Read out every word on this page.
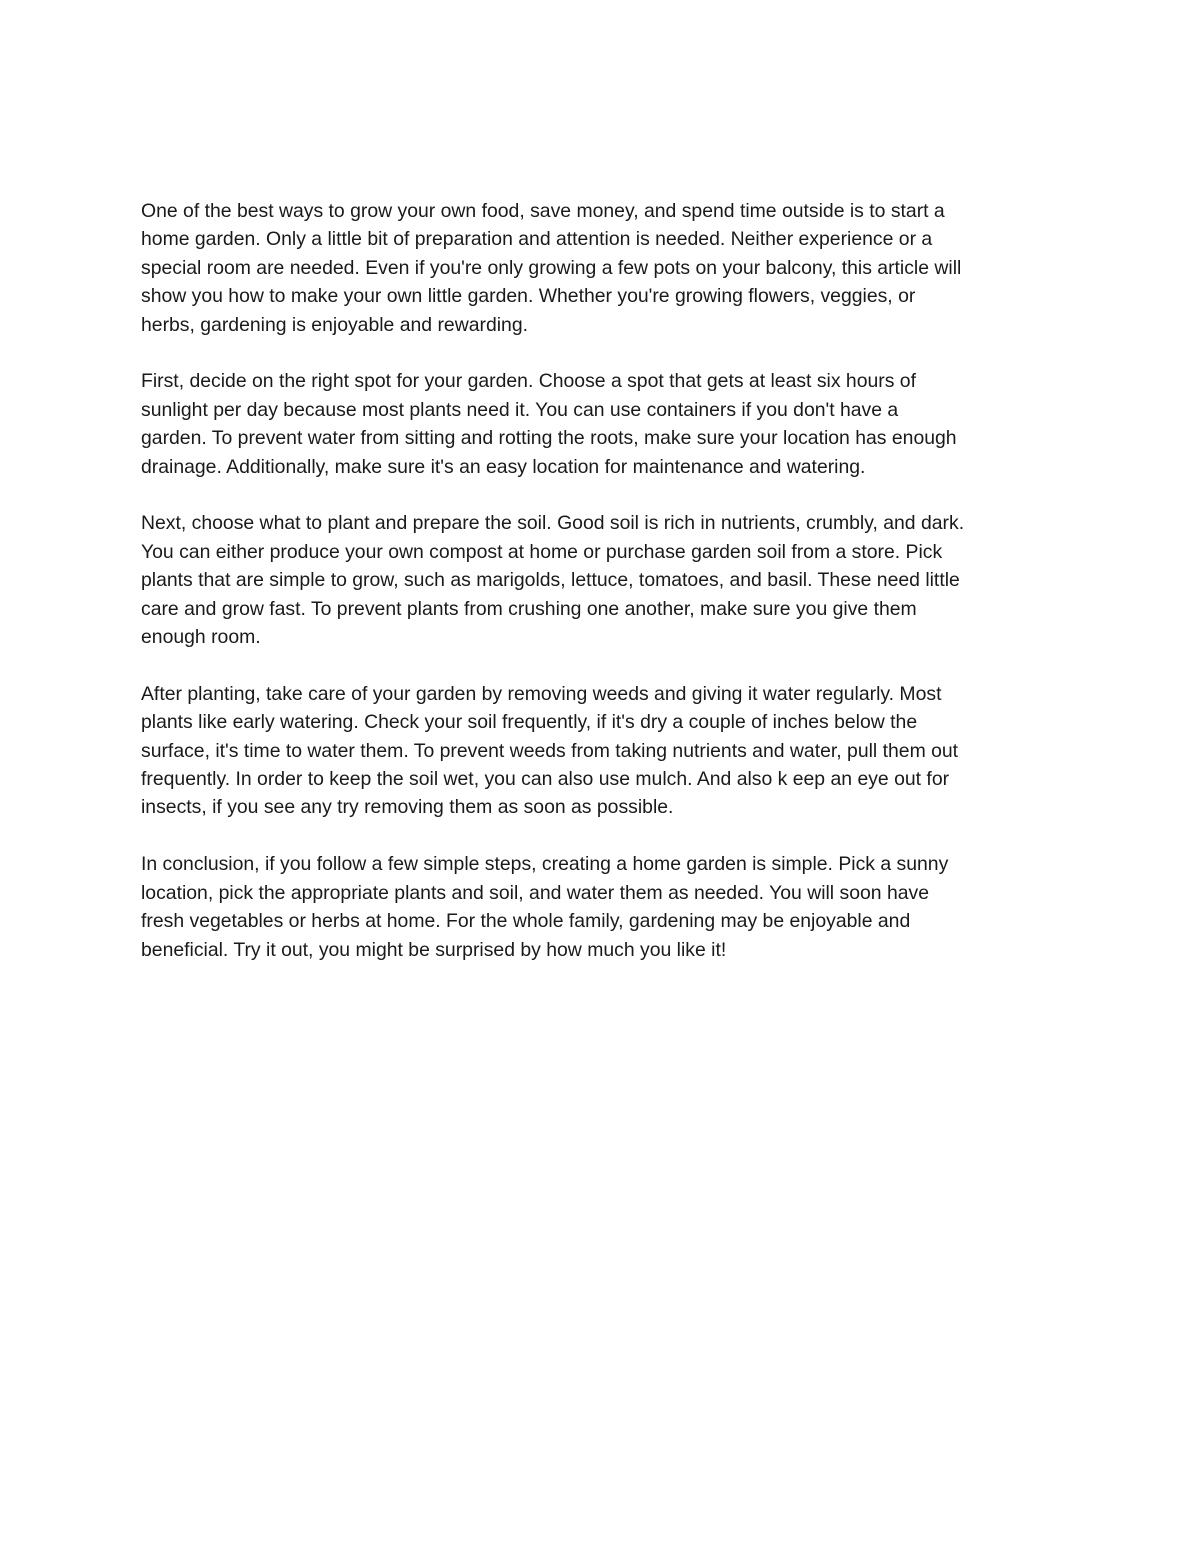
One of the best ways to grow your own food, save money, and spend time outside is to start a
home garden. Only a little bit of preparation and attention is needed. Neither experience or a
special room are needed. Even if you're only growing a few pots on your balcony, this article will
show you how to make your own little garden. Whether you're growing flowers, veggies, or
herbs, gardening is enjoyable and rewarding.

First, decide on the right spot for your garden. Choose a spot that gets at least six hours of
sunlight per day because most plants need it. You can use containers if you don't have a
garden. To prevent water from sitting and rotting the roots, make sure your location has enough
drainage. Additionally, make sure it's an easy location for maintenance and watering.

Next, choose what to plant and prepare the soil. Good soil is rich in nutrients, crumbly, and dark.
You can either produce your own compost at home or purchase garden soil from a store. Pick
plants that are simple to grow, such as marigolds, lettuce, tomatoes, and basil. These need little
care and grow fast. To prevent plants from crushing one another, make sure you give them
enough room.

After planting, take care of your garden by removing weeds and giving it water regularly. Most
plants like early watering. Check your soil frequently, if it's dry a couple of inches below the
surface, it's time to water them. To prevent weeds from taking nutrients and water, pull them out
frequently. In order to keep the soil wet, you can also use mulch. And also k eep an eye out for
insects, if you see any try removing them as soon as possible.

In conclusion, if you follow a few simple steps, creating a home garden is simple. Pick a sunny
location, pick the appropriate plants and soil, and water them as needed. You will soon have
fresh vegetables or herbs at home. For the whole family, gardening may be enjoyable and
beneficial. Try it out, you might be surprised by how much you like it!
